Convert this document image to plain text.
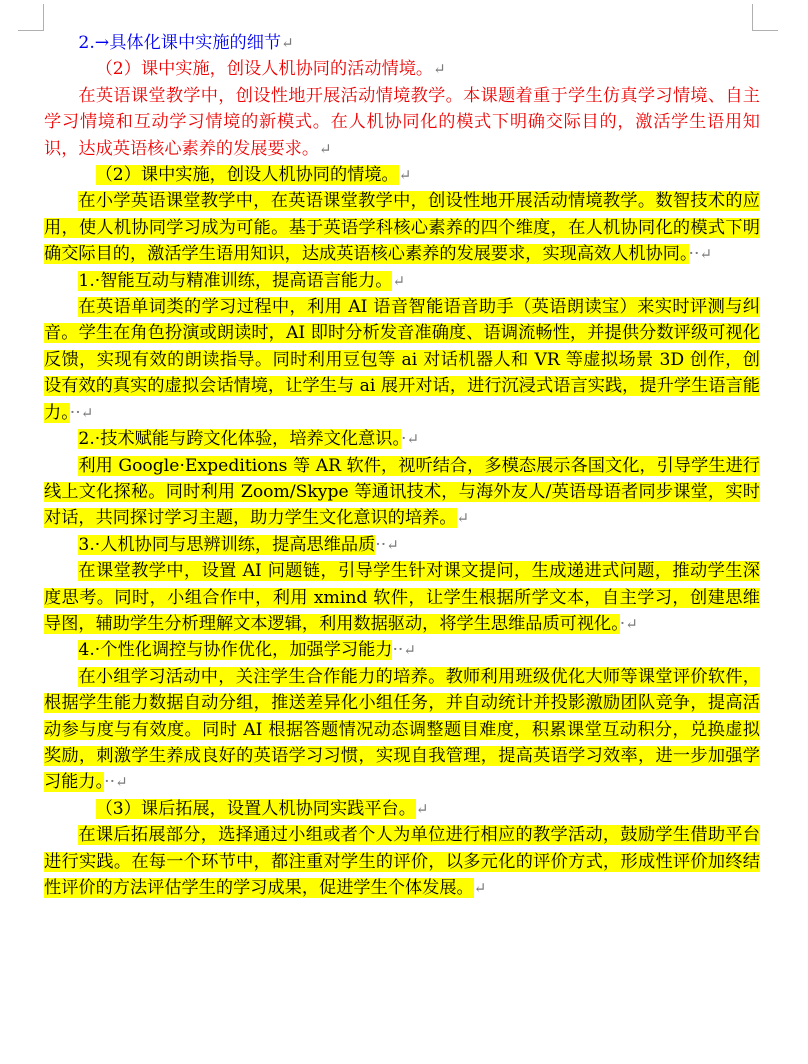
2.→具体化课中实施的细节↵

（2）课中实施，创设人机协同的活动情境。↵

在英语课堂教学中，创设性地开展活动情境教学。本课题着重于学生仿真学习情境、自主学习情境和互动学习情境的新模式。在人机协同化的模式下明确交际目的，激活学生语用知识，达成英语核心素养的发展要求。↵

（2）课中实施，创设人机协同的情境。↵

在小学英语课堂教学中，在英语课堂教学中，创设性地开展活动情境教学。数智技术的应用，使人机协同学习成为可能。基于英语学科核心素养的四个维度，在人机协同化的模式下明确交际目的，激活学生语用知识，达成英语核心素养的发展要求，实现高效人机协同。··↵

1.·智能互动与精准训练，提高语言能力。↵

在英语单词类的学习过程中，利用 AI 语音智能语音助手（英语朗读宝）来实时评测与纠音。学生在角色扮演或朗读时，AI 即时分析发音准确度、语调流畅性，并提供分数评级可视化反馈，实现有效的朗读指导。同时利用豆包等 ai 对话机器人和 VR 等虚拟场景 3D 创作，创设有效的真实的虚拟会话情境，让学生与 ai 展开对话，进行沉浸式语言实践，提升学生语言能力。··↵

2.·技术赋能与跨文化体验，培养文化意识。·↵

利用 Google·Expeditions 等 AR 软件，视听结合，多模态展示各国文化，引导学生进行线上文化探秘。同时利用 Zoom/Skype 等通讯技术，与海外友人/英语母语者同步课堂，实时对话，共同探讨学习主题，助力学生文化意识的培养。↵

3.·人机协同与思辨训练，提高思维品质··↵

在课堂教学中，设置 AI 问题链，引导学生针对课文提问，生成递进式问题，推动学生深度思考。同时，小组合作中，利用 xmind 软件，让学生根据所学文本，自主学习，创建思维导图，辅助学生分析理解文本逻辑，利用数据驱动，将学生思维品质可视化。·↵

4.·个性化调控与协作优化，加强学习能力··↵

在小组学习活动中，关注学生合作能力的培养。教师利用班级优化大师等课堂评价软件，根据学生能力数据自动分组，推送差异化小组任务，并自动统计并投影激励团队竞争，提高活动参与度与有效度。同时 AI 根据答题情况动态调整题目难度，积累课堂互动积分，兑换虚拟奖励，刺激学生养成良好的英语学习习惯，实现自我管理，提高英语学习效率，进一步加强学习能力。··↵

（3）课后拓展，设置人机协同实践平台。↵

在课后拓展部分，选择通过小组或者个人为单位进行相应的教学活动，鼓励学生借助平台进行实践。在每一个环节中，都注重对学生的评价，以多元化的评价方式，形成性评价加终结性评价的方法评估学生的学习成果，促进学生个体发展。↵
